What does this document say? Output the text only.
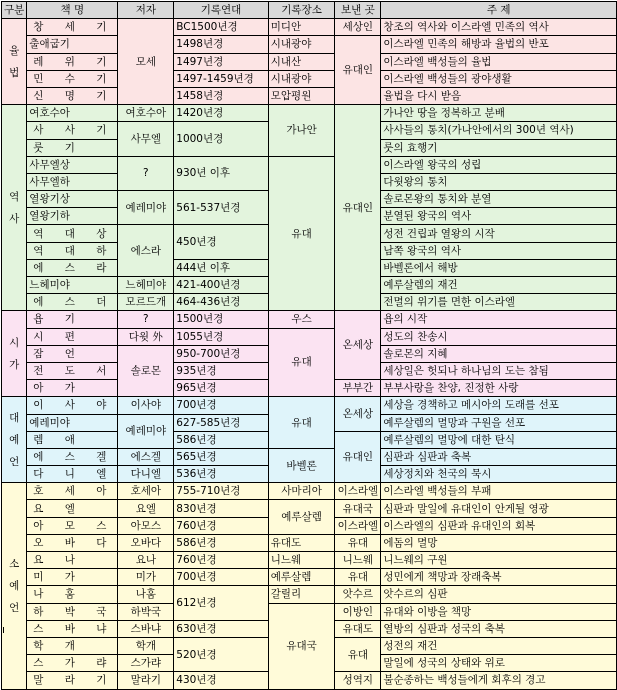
구분	책 명	저자	기록연대	기록장소	보낸 곳	주 제
율 법	창 세 기	모세	BC1500년경	미디안	세상인	창조의 역사와 이스라엘 민족의 역사
	출애굽기		1498년경	시내광야	유대인	이스라엘 민족의 해방과 율법의 반포
	레 위 기		1497년경	시내산		이스라엘 백성들의 율법
	민 수 기		1497-1459년경	시내광야		이스라엘 백성들의 광야생활
	신 명 기		1458년경	모압평원		율법을 다시 받음
역 사	여호수아	여호수아	1420년경	가나안	유대인	가나안 땅을 정복하고 분배
	사 사 기	사무엘	1000년경			사사들의 통치(가나안에서의 300년 역사)
	룻 기					룻의 효행기
	사무엘상	?	930년 이후	유대		이스라엘 왕국의 성립
	사무엘하					다윗왕의 통치
	열왕기상	예레미야	561-537년경			솔로몬왕의 통치와 분열
	열왕기하					분열된 왕국의 역사
	역 대 상	에스라	450년경			성전 건립과 열왕의 시작
	역 대 하					남쪽 왕국의 역사
	에 스 라		444년 이후			바벨론에서 해방
	느헤미야	느헤미야	421-400년경			예루살렘의 재건
	에 스 더	모르드개	464-436년경			전멸의 위기를 면한 이스라엘
시 가	욥 기	?	1500년경	우스	온세상	욥의 시작
	시 편	다윗 外	1055년경	유대		성도의 찬송시
	잠 언	솔로몬	950-700년경			솔로몬의 지혜
	전 도 서		935년경			세상일은 헛되나 하나님의 도는 참됨
	아 가		965년경		부부간	부부사랑을 찬양, 진정한 사랑
대 예 언	이 사 야	이사야	700년경	유대	온세상	세상을 경책하고 메시아의 도래를 선포
	예레미야	예레미야	627-585년경			예루살렘의 멸망과 구원을 선포
	렘 애		586년경		유대인	예루살렘의 멸망에 대한 탄식
	에 스 겔	에스겔	565년경	바벨론		심판과 심판과 축복
	다 니 엘	다니엘	536년경			세상정치와 천국의 묵시
소 예 언	호 세 아	호세아	755-710년경	사마리아	이스라엘	이스라엘 백성들의 부패
	요 엘	요엘	830년경	예루살렘	유대국	심판과 말일에 유대인이 안게될 영광
	아 모 스	아모스	760년경		이스라엘	이스라엘의 심판과 유대인의 회복
	오 바 다	오바다	586년경	유대도	유대	에돔의 멸망
	요 나	요나	760년경	니느웨	니느웨	니느웨의 구원
	미 가	미가	700년경	예루살렘	유대	성민에게 책망과 장래축복
	나 훔	나훔	612년경	갈릴리	앗수르	앗수르의 심판
	하 박 국	하박국		유대국	이방인	유대와 이방을 책망
	스 바 냐	스바냐	630년경		유대도	열방의 심판과 성국의 축복
	학 개	학개	520년경		유대	성전의 재건
	스 가 랴	스가랴				말일에 성국의 상태와 위로
	말 라 기	말라기	430년경		성역지	불순종하는 백성들에게 회후의 경고
